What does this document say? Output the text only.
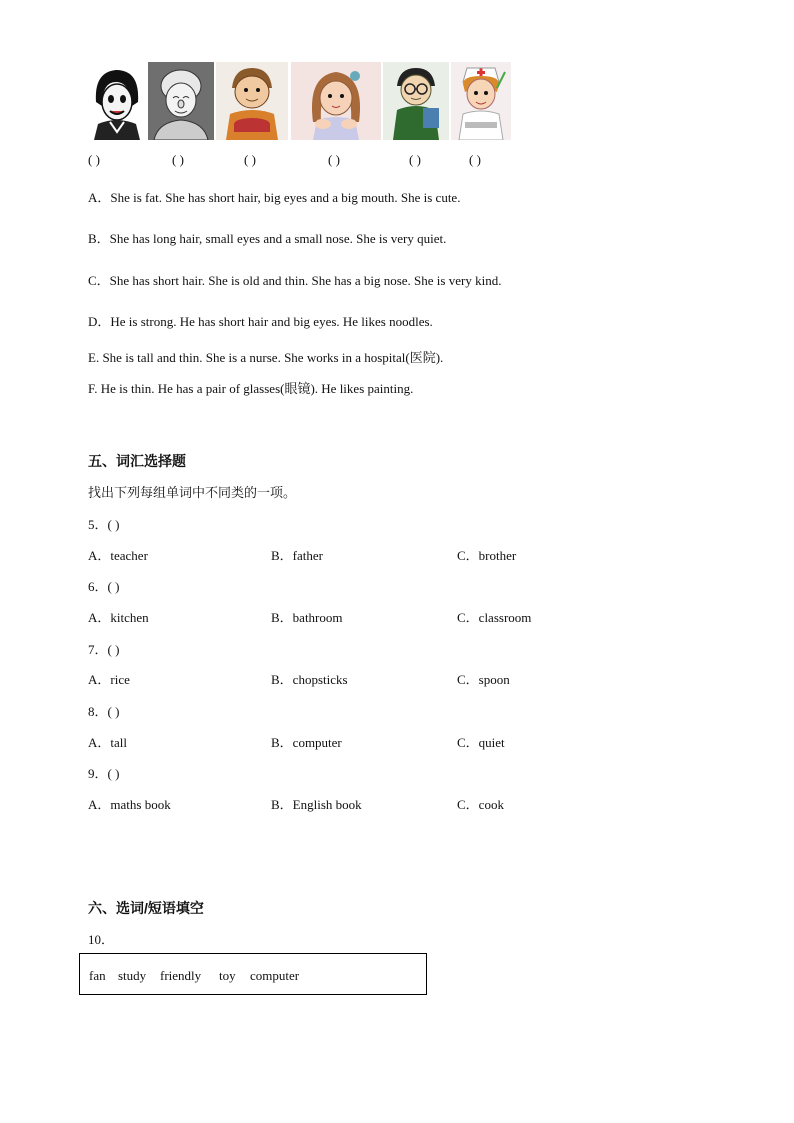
( )	( )	( )	( )	( )	( )
A．She is fat. She has short hair, big eyes and a big mouth. She is cute.
B．She has long hair, small eyes and a small nose. She is very quiet.
C．She has short hair. She is old and thin. She has a big nose. She is very kind.
D．He is strong. He has short hair and big eyes. He likes noodles.
E. She is tall and thin. She is a nurse. She works in a hospital(医院).
F. He is thin. He has a pair of glasses(眼镜). He likes painting.
五、词汇选择题
找出下列每组单词中不同类的一项。
5．( )
A．teacher	B．father	C．brother
6．( )
A．kitchen	B．bathroom	C．classroom
7．( )
A．rice	B．chopsticks	C．spoon
8．( )
A．tall	B．computer	C．quiet
9．( )
A．maths book	B．English book	C．cook
六、选词/短语填空
10．
fan study friendly toy computer
